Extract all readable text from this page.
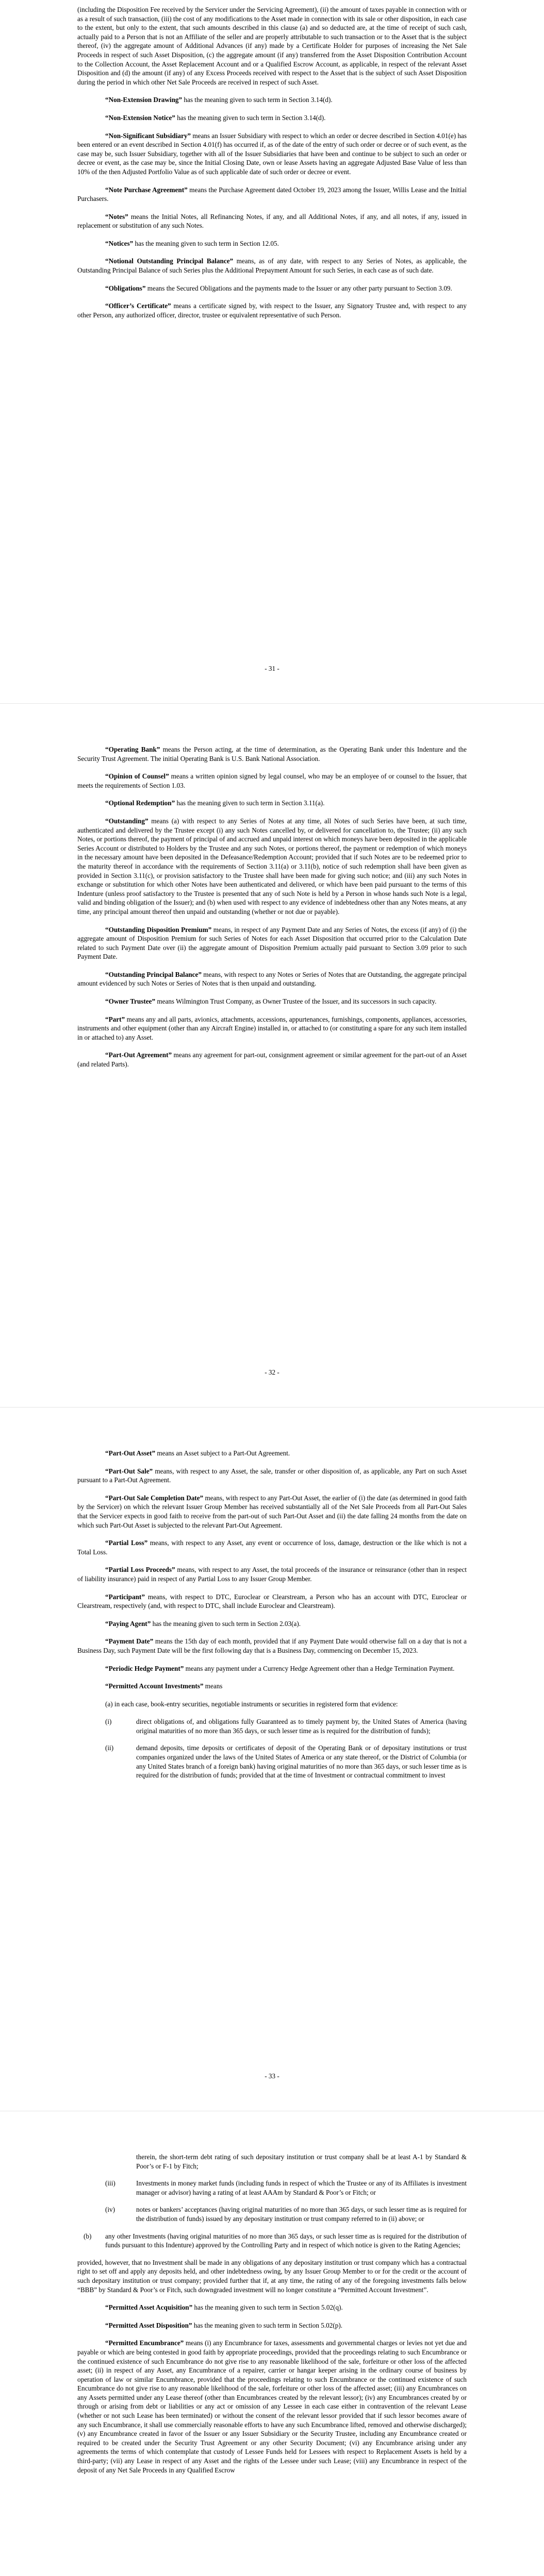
(including the Disposition Fee received by the Servicer under the Servicing Agreement), (ii) the amount of taxes payable in connection with or as a result of such transaction, (iii) the cost of any modifications to the Asset made in connection with its sale or other disposition, in each case to the extent, but only to the extent, that such amounts described in this clause (a) and so deducted are, at the time of receipt of such cash, actually paid to a Person that is not an Affiliate of the seller and are properly attributable to such transaction or to the Asset that is the subject thereof, (iv) the aggregate amount of Additional Advances (if any) made by a Certificate Holder for purposes of increasing the Net Sale Proceeds in respect of such Asset Disposition, (c) the aggregate amount (if any) transferred from the Asset Disposition Contribution Account to the Collection Account, the Asset Replacement Account and or a Qualified Escrow Account, as applicable, in respect of the relevant Asset Disposition and (d) the amount (if any) of any Excess Proceeds received with respect to the Asset that is the subject of such Asset Disposition during the period in which other Net Sale Proceeds are received in respect of such Asset.

“Non-Extension Drawing” has the meaning given to such term in Section 3.14(d).

“Non-Extension Notice” has the meaning given to such term in Section 3.14(d).

“Non-Significant Subsidiary” means an Issuer Subsidiary with respect to which an order or decree described in Section 4.01(e) has been entered or an event described in Section 4.01(f) has occurred if, as of the date of the entry of such order or decree or of such event, as the case may be, such Issuer Subsidiary, together with all of the Issuer Subsidiaries that have been and continue to be subject to such an order or decree or event, as the case may be, since the Initial Closing Date, own or lease Assets having an aggregate Adjusted Base Value of less than 10% of the then Adjusted Portfolio Value as of such applicable date of such order or decree or event.

“Note Purchase Agreement” means the Purchase Agreement dated October 19, 2023 among the Issuer, Willis Lease and the Initial Purchasers.

“Notes” means the Initial Notes, all Refinancing Notes, if any, and all Additional Notes, if any, and all notes, if any, issued in replacement or substitution of any such Notes.

“Notices” has the meaning given to such term in Section 12.05.

“Notional Outstanding Principal Balance” means, as of any date, with respect to any Series of Notes, as applicable, the Outstanding Principal Balance of such Series plus the Additional Prepayment Amount for such Series, in each case as of such date.

“Obligations” means the Secured Obligations and the payments made to the Issuer or any other party pursuant to Section 3.09.

“Officer’s Certificate” means a certificate signed by, with respect to the Issuer, any Signatory Trustee and, with respect to any other Person, any authorized officer, director, trustee or equivalent representative of such Person.

- 31 -

“Operating Bank” means the Person acting, at the time of determination, as the Operating Bank under this Indenture and the Security Trust Agreement. The initial Operating Bank is U.S. Bank National Association.

“Opinion of Counsel” means a written opinion signed by legal counsel, who may be an employee of or counsel to the Issuer, that meets the requirements of Section 1.03.

“Optional Redemption” has the meaning given to such term in Section 3.11(a).

“Outstanding” means (a) with respect to any Series of Notes at any time, all Notes of such Series have been, at such time, authenticated and delivered by the Trustee except (i) any such Notes cancelled by, or delivered for cancellation to, the Trustee; (ii) any such Notes, or portions thereof, the payment of principal of and accrued and unpaid interest on which moneys have been deposited in the applicable Series Account or distributed to Holders by the Trustee and any such Notes, or portions thereof, the payment or redemption of which moneys in the necessary amount have been deposited in the Defeasance/Redemption Account; provided that if such Notes are to be redeemed prior to the maturity thereof in accordance with the requirements of Section 3.11(a) or 3.11(b), notice of such redemption shall have been given as provided in Section 3.11(c), or provision satisfactory to the Trustee shall have been made for giving such notice; and (iii) any such Notes in exchange or substitution for which other Notes have been authenticated and delivered, or which have been paid pursuant to the terms of this Indenture (unless proof satisfactory to the Trustee is presented that any of such Note is held by a Person in whose hands such Note is a legal, valid and binding obligation of the Issuer); and (b) when used with respect to any evidence of indebtedness other than any Notes means, at any time, any principal amount thereof then unpaid and outstanding (whether or not due or payable).

“Outstanding Disposition Premium” means, in respect of any Payment Date and any Series of Notes, the excess (if any) of (i) the aggregate amount of Disposition Premium for such Series of Notes for each Asset Disposition that occurred prior to the Calculation Date related to such Payment Date over (ii) the aggregate amount of Disposition Premium actually paid pursuant to Section 3.09 prior to such Payment Date.

“Outstanding Principal Balance” means, with respect to any Notes or Series of Notes that are Outstanding, the aggregate principal amount evidenced by such Notes or Series of Notes that is then unpaid and outstanding.

“Owner Trustee” means Wilmington Trust Company, as Owner Trustee of the Issuer, and its successors in such capacity.

“Part” means any and all parts, avionics, attachments, accessions, appurtenances, furnishings, components, appliances, accessories, instruments and other equipment (other than any Aircraft Engine) installed in, or attached to (or constituting a spare for any such item installed in or attached to) any Asset.

“Part-Out Agreement” means any agreement for part-out, consignment agreement or similar agreement for the part-out of an Asset (and related Parts).

- 32 -

“Part-Out Asset” means an Asset subject to a Part-Out Agreement.

“Part-Out Sale” means, with respect to any Asset, the sale, transfer or other disposition of, as applicable, any Part on such Asset pursuant to a Part-Out Agreement.

“Part-Out Sale Completion Date” means, with respect to any Part-Out Asset, the earlier of (i) the date (as determined in good faith by the Servicer) on which the relevant Issuer Group Member has received substantially all of the Net Sale Proceeds from all Part-Out Sales that the Servicer expects in good faith to receive from the part-out of such Part-Out Asset and (ii) the date falling 24 months from the date on which such Part-Out Asset is subjected to the relevant Part-Out Agreement.

“Partial Loss” means, with respect to any Asset, any event or occurrence of loss, damage, destruction or the like which is not a Total Loss.

“Partial Loss Proceeds” means, with respect to any Asset, the total proceeds of the insurance or reinsurance (other than in respect of liability insurance) paid in respect of any Partial Loss to any Issuer Group Member.

“Participant” means, with respect to DTC, Euroclear or Clearstream, a Person who has an account with DTC, Euroclear or Clearstream, respectively (and, with respect to DTC, shall include Euroclear and Clearstream).

“Paying Agent” has the meaning given to such term in Section 2.03(a).

“Payment Date” means the 15th day of each month, provided that if any Payment Date would otherwise fall on a day that is not a Business Day, such Payment Date will be the first following day that is a Business Day, commencing on December 15, 2023.

“Periodic Hedge Payment” means any payment under a Currency Hedge Agreement other than a Hedge Termination Payment.

“Permitted Account Investments” means

(a) in each case, book-entry securities, negotiable instruments or securities in registered form that evidence:

(i)	direct obligations of, and obligations fully Guaranteed as to timely payment by, the United States of America (having original maturities of no more than 365 days, or such lesser time as is required for the distribution of funds);
(ii)	demand deposits, time deposits or certificates of deposit of the Operating Bank or of depositary institutions or trust companies organized under the laws of the United States of America or any state thereof, or the District of Columbia (or any United States branch of a foreign bank) having original maturities of no more than 365 days, or such lesser time as is required for the distribution of funds; provided that at the time of Investment or contractual commitment to invest
- 33 -

therein, the short-term debt rating of such depositary institution or trust company shall be at least A-1 by Standard & Poor’s or F-1 by Fitch;

(iii)	Investments in money market funds (including funds in respect of which the Trustee or any of its Affiliates is investment manager or advisor) having a rating of at least AAAm by Standard & Poor’s or Fitch; or
(iv)	notes or bankers’ acceptances (having original maturities of no more than 365 days, or such lesser time as is required for the distribution of funds) issued by any depositary institution or trust company referred to in (ii) above; or
(b)	any other Investments (having original maturities of no more than 365 days, or such lesser time as is required for the distribution of funds pursuant to this Indenture) approved by the Controlling Party and in respect of which notice is given to the Rating Agencies;

provided, however, that no Investment shall be made in any obligations of any depositary institution or trust company which has a contractual right to set off and apply any deposits held, and other indebtedness owing, by any Issuer Group Member to or for the credit or the account of such depositary institution or trust company; provided further that if, at any time, the rating of any of the foregoing investments falls below “BBB” by Standard & Poor’s or Fitch, such downgraded investment will no longer constitute a “Permitted Account Investment”.

“Permitted Asset Acquisition” has the meaning given to such term in Section 5.02(q).

“Permitted Asset Disposition” has the meaning given to such term in Section 5.02(p).

“Permitted Encumbrance” means (i) any Encumbrance for taxes, assessments and governmental charges or levies not yet due and payable or which are being contested in good faith by appropriate proceedings, provided that the proceedings relating to such Encumbrance or the continued existence of such Encumbrance do not give rise to any reasonable likelihood of the sale, forfeiture or other loss of the affected asset; (ii) in respect of any Asset, any Encumbrance of a repairer, carrier or hangar keeper arising in the ordinary course of business by operation of law or similar Encumbrance, provided that the proceedings relating to such Encumbrance or the continued existence of such Encumbrance do not give rise to any reasonable likelihood of the sale, forfeiture or other loss of the affected asset; (iii) any Encumbrances on any Assets permitted under any Lease thereof (other than Encumbrances created by the relevant lessor); (iv) any Encumbrances created by or through or arising from debt or liabilities or any act or omission of any Lessee in each case either in contravention of the relevant Lease (whether or not such Lease has been terminated) or without the consent of the relevant lessor provided that if such lessor becomes aware of any such Encumbrance, it shall use commercially reasonable efforts to have any such Encumbrance lifted, removed and otherwise discharged); (v) any Encumbrance created in favor of the Issuer or any Issuer Subsidiary or the Security Trustee, including any Encumbrance created or required to be created under the Security Trust Agreement or any other Security Document; (vi) any Encumbrance arising under any agreements the terms of which contemplate that custody of Lessee Funds held for Lessees with respect to Replacement Assets is held by a third-party; (vii) any Lease in respect of any Asset and the rights of the Lessee under such Lease; (viii) any Encumbrance in respect of the deposit of any Net Sale Proceeds in any Qualified Escrow
